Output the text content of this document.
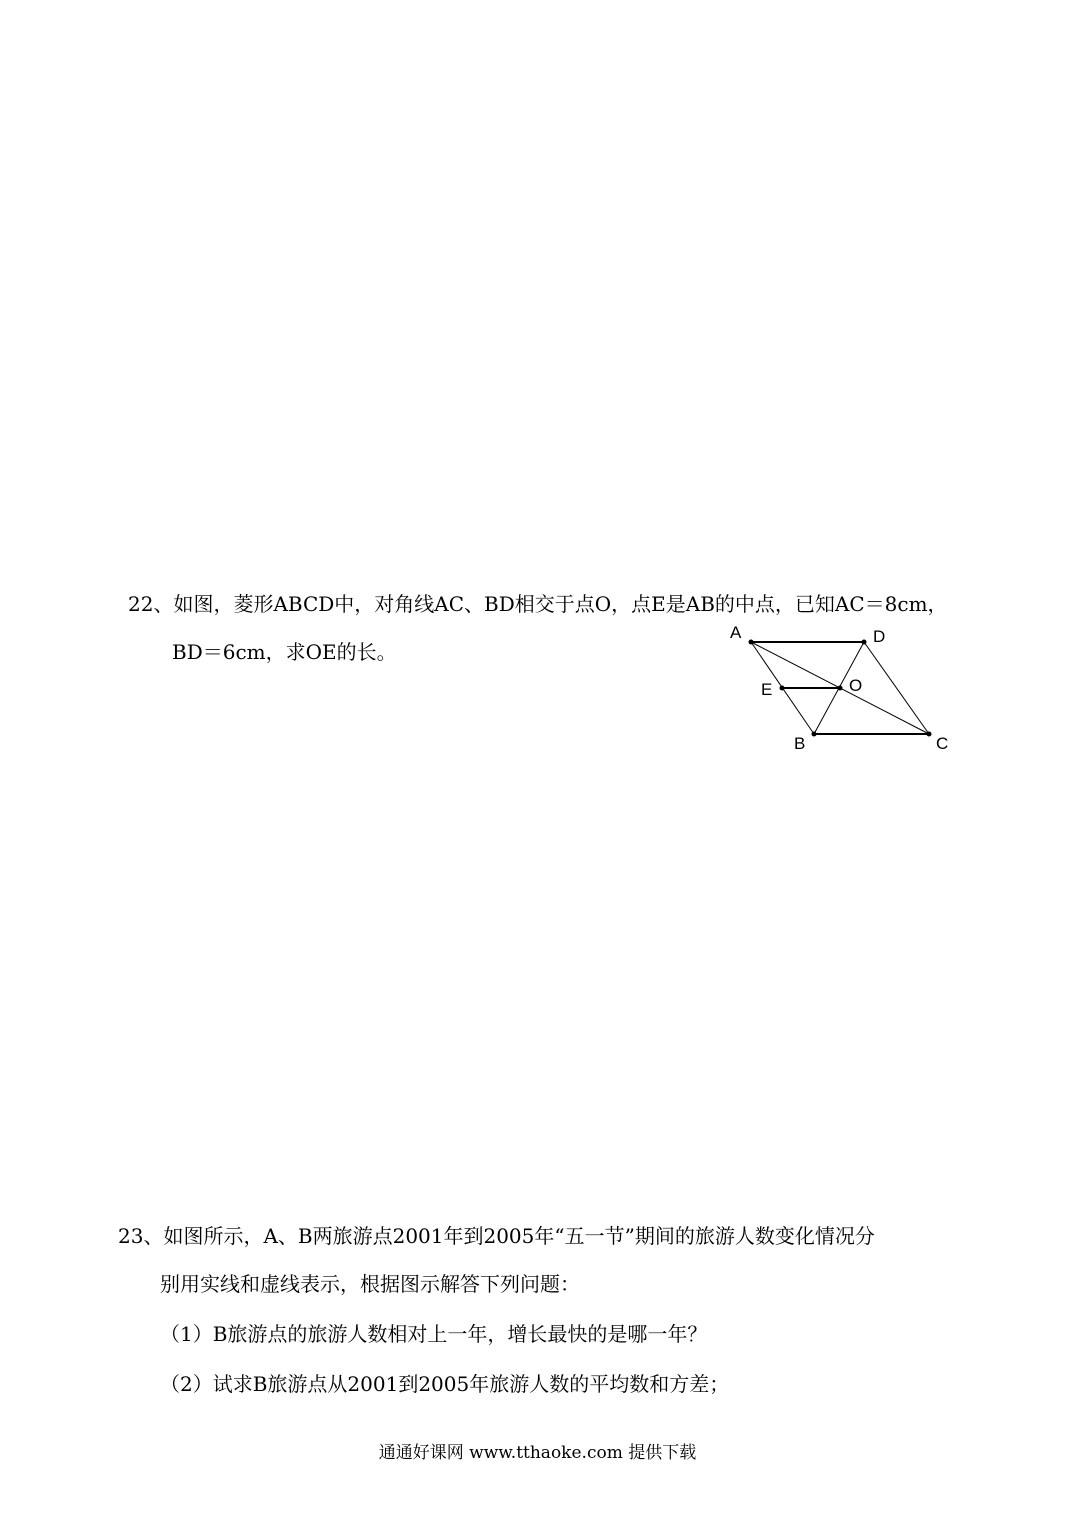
22、如图，菱形ABCD中，对角线AC、BD相交于点O，点E是AB的中点，已知AC＝8cm，
BD＝6cm，求OE的长。
A	D
E	O
B	C
23、如图所示，A、B两旅游点2001年到2005年“五一节”期间的旅游人数变化情况分
别用实线和虚线表示，根据图示解答下列问题：
（1）B旅游点的旅游人数相对上一年，增长最快的是哪一年？
（2）试求B旅游点从2001到2005年旅游人数的平均数和方差；
通通好课网 www.tthaoke.com 提供下载
